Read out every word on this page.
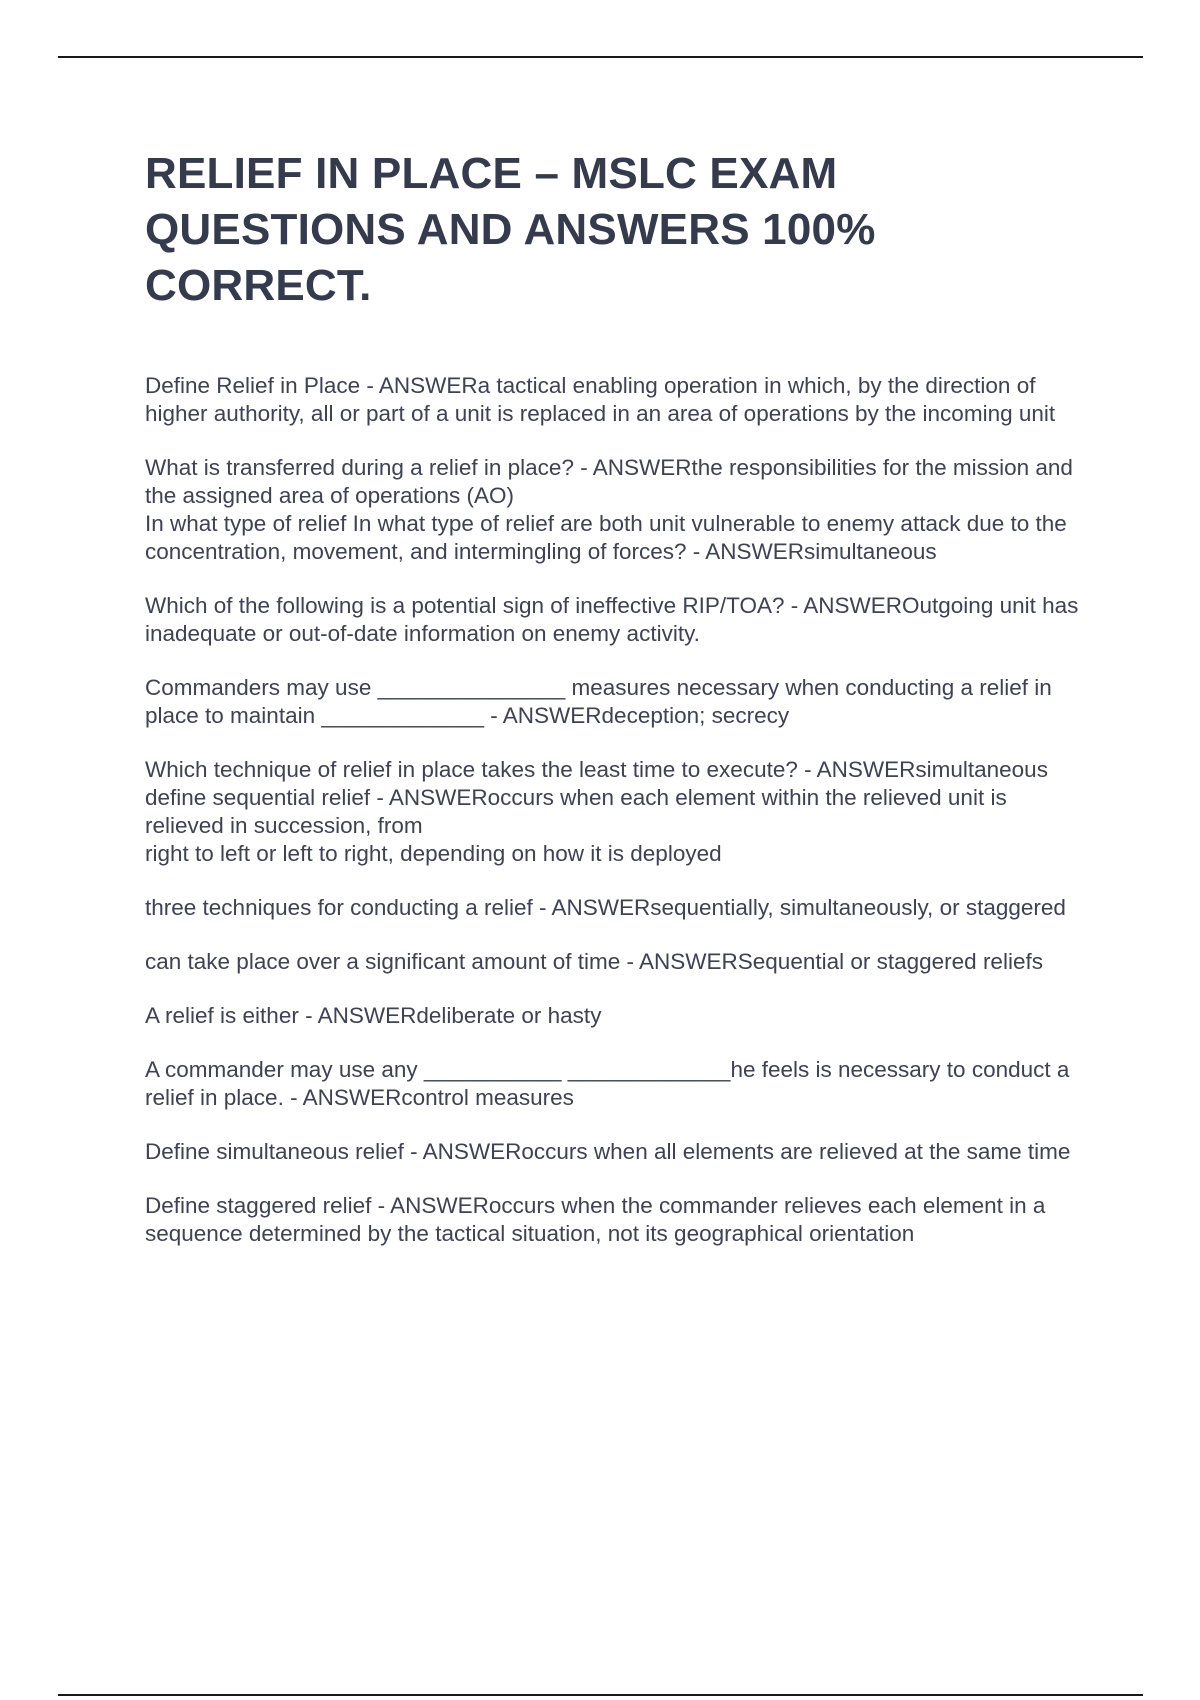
RELIEF IN PLACE – MSLC EXAM QUESTIONS AND ANSWERS 100% CORRECT.

Define Relief in Place - ANSWERa tactical enabling operation in which, by the direction of higher authority, all or part of a unit is replaced in an area of operations by the incoming unit

What is transferred during a relief in place? - ANSWERthe responsibilities for the mission and the assigned area of operations (AO)

In what type of relief In what type of relief are both unit vulnerable to enemy attack due to the concentration, movement, and intermingling of forces? - ANSWERsimultaneous

Which of the following is a potential sign of ineffective RIP/TOA? - ANSWEROutgoing unit has inadequate or out-of-date information on enemy activity.

Commanders may use _______________ measures necessary when conducting a relief in place to maintain _____________ - ANSWERdeception; secrecy

Which technique of relief in place takes the least time to execute? - ANSWERsimultaneous

define sequential relief - ANSWERoccurs when each element within the relieved unit is relieved in succession, from

right to left or left to right, depending on how it is deployed

three techniques for conducting a relief - ANSWERsequentially, simultaneously, or staggered

can take place over a significant amount of time - ANSWERSequential or staggered reliefs

A relief is either - ANSWERdeliberate or hasty

A commander may use any ___________ _____________he feels is necessary to conduct a relief in place. - ANSWERcontrol measures

Define simultaneous relief - ANSWERoccurs when all elements are relieved at the same time

Define staggered relief - ANSWERoccurs when the commander relieves each element in a sequence determined by the tactical situation, not its geographical orientation
